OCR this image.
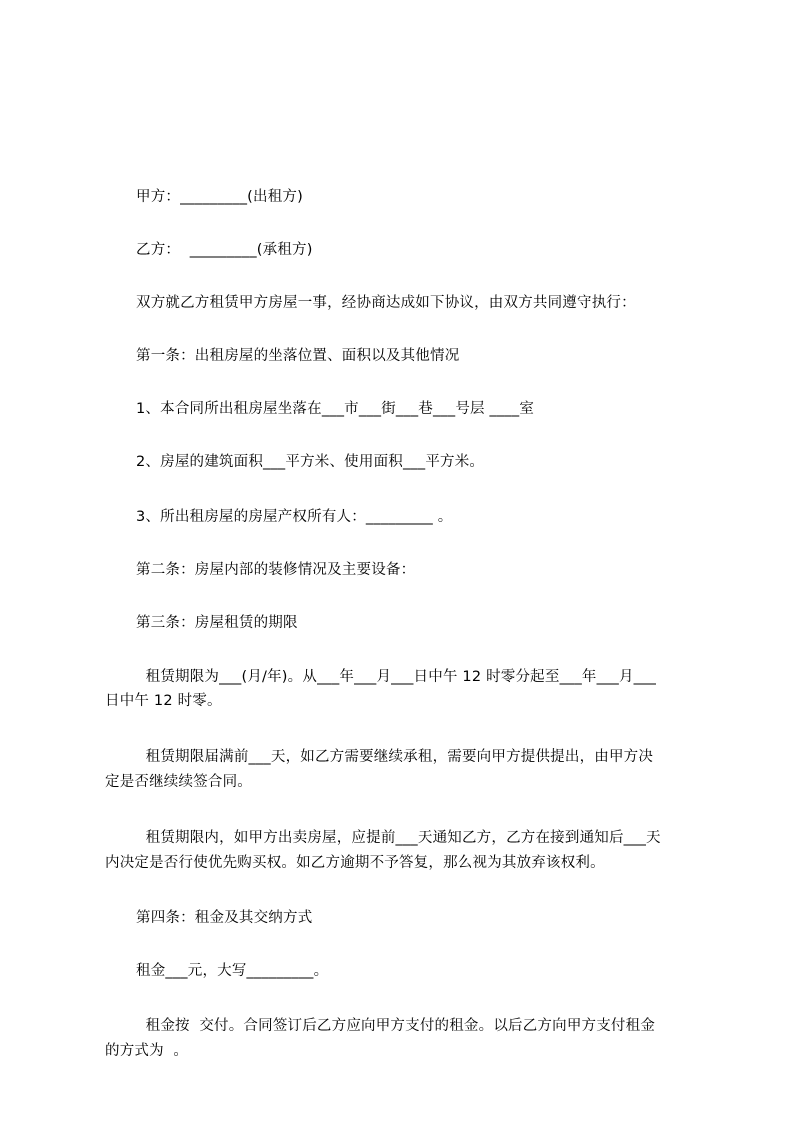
甲方：_________(出租方)

乙方：  _________(承租方)

双方就乙方租赁甲方房屋一事，经协商达成如下协议，由双方共同遵守执行：

第一条：出租房屋的坐落位置、面积以及其他情况

1、本合同所出租房屋坐落在___市___街___巷___号层 ____室

2、房屋的建筑面积___平方米、使用面积___平方米。

3、所出租房屋的房屋产权所有人：_________ 。

第二条：房屋内部的装修情况及主要设备：

第三条：房屋租赁的期限

租赁期限为___(月/年)。从___年___月___日中午 12 时零分起至___年___月___

日中午 12 时零。

租赁期限届满前___天，如乙方需要继续承租，需要向甲方提供提出，由甲方决

定是否继续续签合同。

租赁期限内，如甲方出卖房屋，应提前___天通知乙方，乙方在接到通知后___天

内决定是否行使优先购买权。如乙方逾期不予答复，那么视为其放弃该权利。

第四条：租金及其交纳方式

租金___元，大写_________。

租金按  交付。合同签订后乙方应向甲方支付的租金。以后乙方向甲方支付租金

的方式为  。
